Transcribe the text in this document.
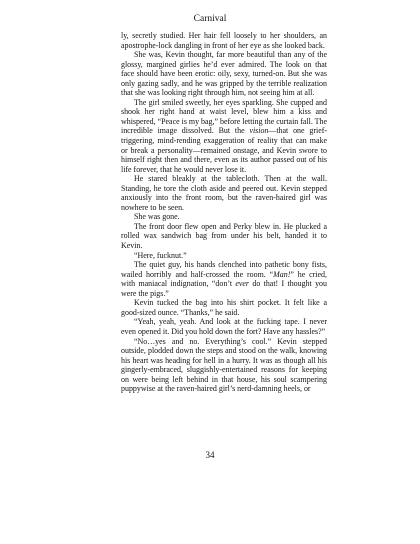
Carnival

ly, secretly studied. Her hair fell loosely to her shoulders, an apostrophe-lock dangling in front of her eye as she looked back.

She was, Kevin thought, far more beautiful than any of the glossy, margined girlies he’d ever admired. The look on that face should have been erotic: oily, sexy, turned-on. But she was only gazing sadly, and he was gripped by the terrible realization that she was looking right through him, not seeing him at all.

The girl smiled sweetly, her eyes sparkling. She cupped and shook her right hand at waist level, blew him a kiss and whispered, “Peace is my bag,” before letting the curtain fall. The incredible image dissolved. But the vision—that one grief-triggering, mind-rending exaggeration of reality that can make or break a personality—remained onstage, and Kevin swore to himself right then and there, even as its author passed out of his life forever, that he would never lose it.

He stared bleakly at the tablecloth. Then at the wall. Standing, he tore the cloth aside and peered out. Kevin stepped anxiously into the front room, but the raven-haired girl was nowhere to be seen.

She was gone.

The front door flew open and Perky blew in. He plucked a rolled wax sandwich bag from under his belt, handed it to Kevin.

“Here, fucknut.”

The quiet guy, his hands clenched into pathetic bony fists, wailed horribly and half-crossed the room. “Man!” he cried, with maniacal indignation, “don’t ever do that! I thought you were the pigs.”

Kevin tucked the bag into his shirt pocket. It felt like a good-sized ounce. “Thanks,” he said.

“Yeah, yeah, yeah. And look at the fucking tape. I never even opened it. Did you hold down the fort? Have any hassles?”

“No…yes and no. Everything’s cool.” Kevin stepped outside, plodded down the steps and stood on the walk, knowing his heart was heading for hell in a hurry. It was as though all his gingerly-embraced, sluggishly-entertained reasons for keeping on were being left behind in that house, his soul scampering puppywise at the raven-haired girl’s nerd-damning heels, or

34
